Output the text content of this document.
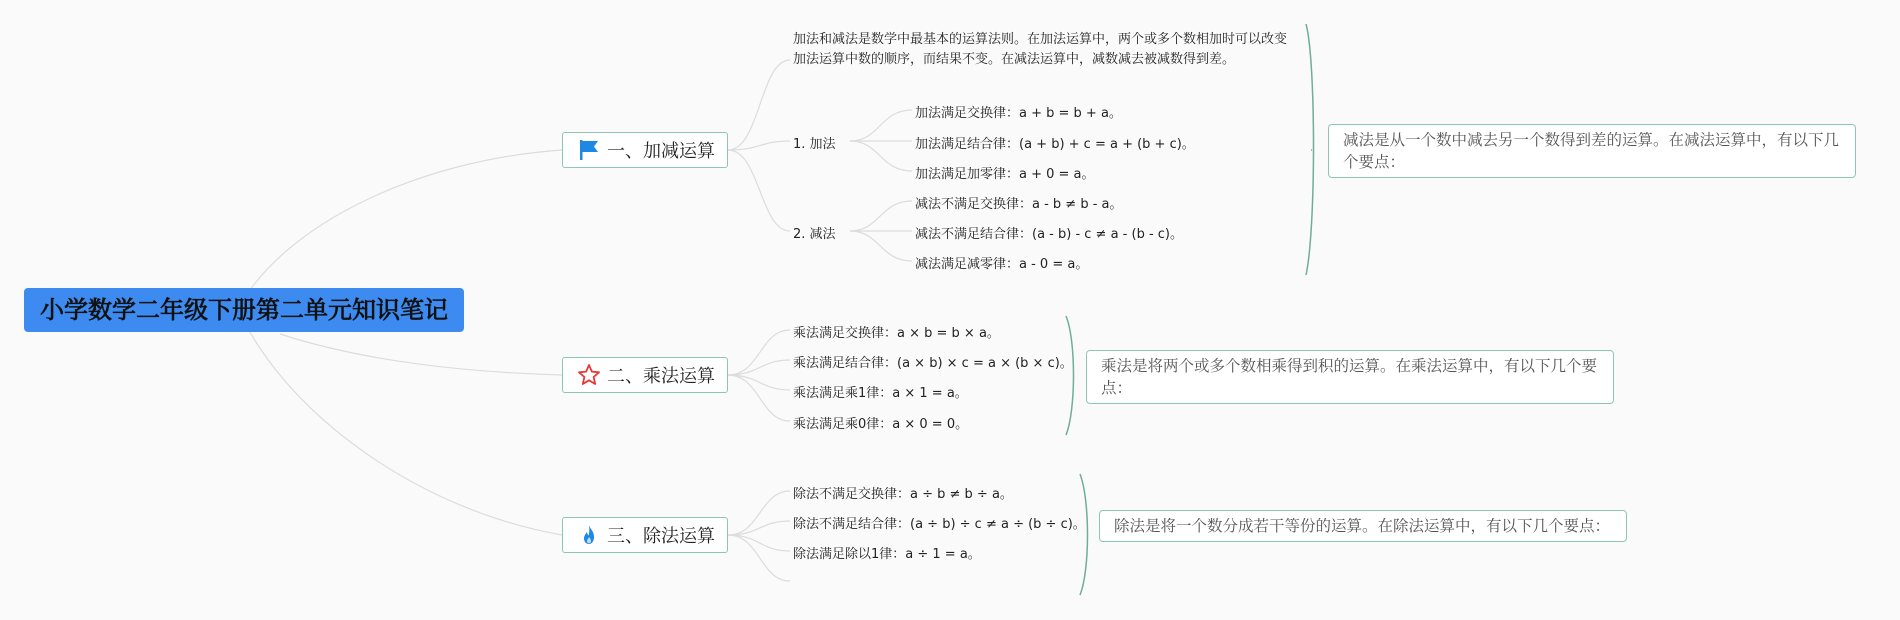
小学数学二年级下册第二单元知识笔记
一、加减运算
加法和减法是数学中最基本的运算法则。在加法运算中，两个或多个数相加时可以改变加法运算中数的顺序，而结果不变。在减法运算中，减数减去被减数得到差。
1. 加法
加法满足交换律：a + b = b + a。
加法满足结合律：(a + b) + c = a + (b + c)。
加法满足加零律：a + 0 = a。
2. 减法
减法不满足交换律：a - b ≠ b - a。
减法不满足结合律：(a - b) - c ≠ a - (b - c)。
减法满足减零律：a - 0 = a。
减法是从一个数中减去另一个数得到差的运算。在减法运算中，有以下几个要点：
二、乘法运算
乘法满足交换律：a × b = b × a。
乘法满足结合律：(a × b) × c = a × (b × c)。
乘法满足乘1律：a × 1 = a。
乘法满足乘0律：a × 0 = 0。
乘法是将两个或多个数相乘得到积的运算。在乘法运算中，有以下几个要点：
三、除法运算
除法不满足交换律：a ÷ b ≠ b ÷ a。
除法不满足结合律：(a ÷ b) ÷ c ≠ a ÷ (b ÷ c)。
除法满足除以1律：a ÷ 1 = a。
除法是将一个数分成若干等份的运算。在除法运算中，有以下几个要点：
